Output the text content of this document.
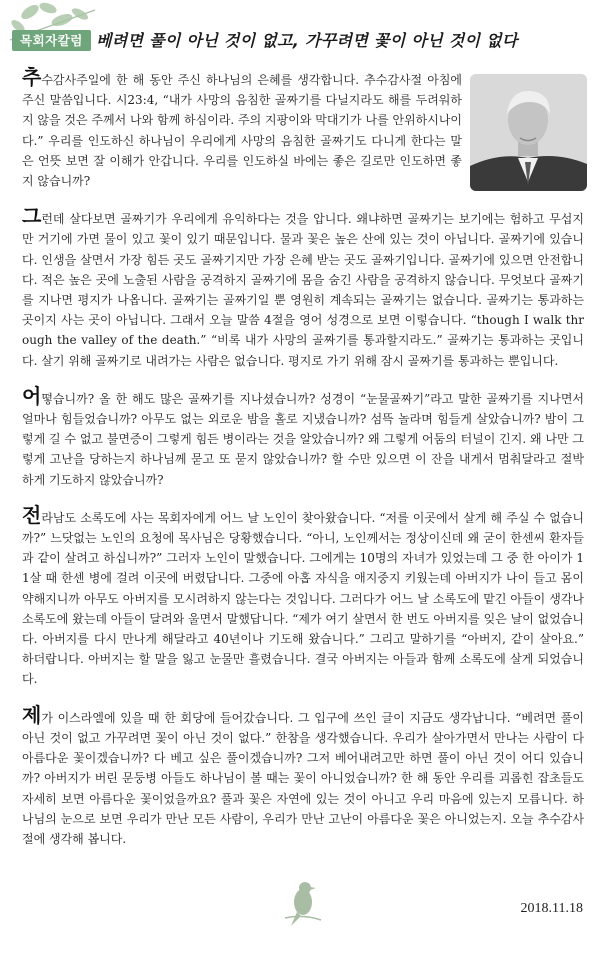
목회자칼럼 베려면 풀이 아닌 것이 없고, 가꾸려면 꽃이 아닌 것이 없다

추수감사주일에 한 해 동안 주신 하나님의 은혜를 생각합니다. 추수감사절 아침에 주신 말씀입니다. 시23:4, “내가 사망의 음침한 골짜기를 다닐지라도 해를 두려워하지 않을 것은 주께서 나와 함께 하심이라. 주의 지팡이와 막대기가 나를 안위하시나이다.” 우리를 인도하신 하나님이 우리에게 사망의 음침한 골짜기도 다니게 한다는 말은 언뜻 보면 잘 이해가 안갑니다. 우리를 인도하실 바에는 좋은 길로만 인도하면 좋지 않습니까?

그런데 살다보면 골짜기가 우리에게 유익하다는 것을 압니다. 왜냐하면 골짜기는 보기에는 험하고 무섭지만 거기에 가면 물이 있고 꽃이 있기 때문입니다. 물과 꽃은 높은 산에 있는 것이 아닙니다. 골짜기에 있습니다. 인생을 살면서 가장 힘든 곳도 골짜기지만 가장 은혜 받는 곳도 골짜기입니다. 골짜기에 있으면 안전합니다. 적은 높은 곳에 노출된 사람을 공격하지 골짜기에 몸을 숨긴 사람을 공격하지 않습니다. 무엇보다 골짜기를 지나면 평지가 나옵니다. 골짜기는 골짜기일 뿐 영원히 계속되는 골짜기는 없습니다. 골짜기는 통과하는 곳이지 사는 곳이 아닙니다. 그래서 오늘 말씀 4절을 영어 성경으로 보면 이렇습니다. “though I walk through the valley of the death.” “비록 내가 사망의 골짜기를 통과할지라도.” 골짜기는 통과하는 곳입니다. 살기 위해 골짜기로 내려가는 사람은 없습니다. 평지로 가기 위해 잠시 골짜기를 통과하는 뿐입니다.

어떻습니까? 올 한 해도 많은 골짜기를 지나셨습니까? 성경이 “눈물골짜기”라고 말한 골짜기를 지나면서 얼마나 힘들었습니까? 아무도 없는 외로운 밤을 홀로 지냈습니까? 섬뜩 놀라며 힘들게 살았습니까? 밤이 그렇게 길 수 없고 불면증이 그렇게 힘든 병이라는 것을 알았습니까? 왜 그렇게 어둠의 터널이 긴지. 왜 나만 그렇게 고난을 당하는지 하나님께 묻고 또 묻지 않았습니까? 할 수만 있으면 이 잔을 내게서 멈춰달라고 절박하게 기도하지 않았습니까?

전라남도 소록도에 사는 목회자에게 어느 날 노인이 찾아왔습니다. “저를 이곳에서 살게 해 주실 수 없습니까?” 느닷없는 노인의 요청에 목사님은 당황했습니다. “아니, 노인께서는 정상이신데 왜 굳이 한센씨 환자들과 같이 살려고 하십니까?” 그러자 노인이 말했습니다. 그에게는 10명의 자녀가 있었는데 그 중 한 아이가 11살 때 한센 병에 걸려 이곳에 버렸답니다. 그중에 아홉 자식을 애지중지 키웠는데 아버지가 나이 들고 몸이 약해지니까 아무도 아버지를 모시려하지 않는다는 것입니다. 그러다가 어느 날 소록도에 맡긴 아들이 생각나 소록도에 왔는데 아들이 달려와 울면서 말했답니다. “제가 여기 살면서 한 번도 아버지를 잊은 날이 없었습니다. 아버지를 다시 만나게 해달라고 40년이나 기도해 왔습니다.” 그리고 말하기를 “아버지, 같이 살아요.” 하더랍니다. 아버지는 할 말을 잃고 눈물만 흘렸습니다. 결국 아버지는 아들과 함께 소록도에 살게 되었습니다.

제가 이스라엘에 있을 때 한 회당에 들어갔습니다. 그 입구에 쓰인 글이 지금도 생각납니다. “베려면 풀이 아닌 것이 없고 가꾸려면 꽃이 아닌 것이 없다.” 한참을 생각했습니다. 우리가 살아가면서 만나는 사람이 다 아름다운 꽃이겠습니까? 다 베고 싶은 풀이겠습니까? 그저 베어내려고만 하면 풀이 아닌 것이 어디 있습니까? 아버지가 버린 문둥병 아들도 하나님이 볼 때는 꽃이 아니었습니까? 한 해 동안 우리를 괴롭힌 잡초들도 자세히 보면 아름다운 꽃이었을까요? 풀과 꽃은 자연에 있는 것이 아니고 우리 마음에 있는지 모릅니다. 하나님의 눈으로 보면 우리가 만난 모든 사람이, 우리가 만난 고난이 아름다운 꽃은 아니었는지. 오늘 추수감사절에 생각해 봅니다.

2018.11.18
